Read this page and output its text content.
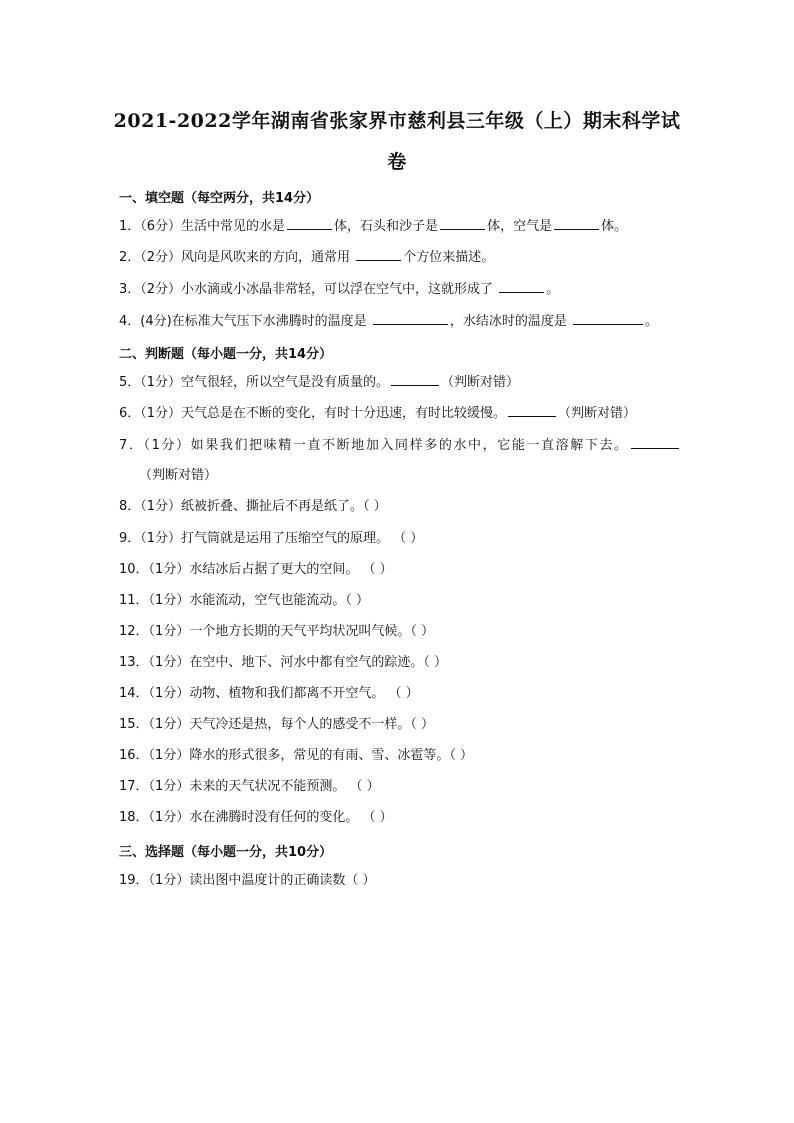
2021-2022学年湖南省张家界市慈利县三年级（上）期末科学试
卷
一、填空题（每空两分，共14分）
1．（6分）生活中常见的水是	体，石头和沙子是	体，空气是	体。
2．（2分）风向是风吹来的方向，通常用	个方位来描述。
3．（2分）小水滴或小冰晶非常轻，可以浮在空气中，这就形成了	。
4．(4分)在标准大气压下水沸腾时的温度是	，水结冰时的温度是	。
二、判断题（每小题一分，共14分）
5．（1分）空气很轻，所以空气是没有质量的。	（判断对错）
6．（1分）天气总是在不断的变化，有时十分迅速，有时比较缓慢。	（判断对错）
7．（1分）如果我们把味精一直不断地加入同样多的水中，它能一直溶解下去。
（判断对错）
8．（1分）纸被折叠、撕扯后不再是纸了。（ ）
9．（1分）打气筒就是运用了压缩空气的原理。 （ ）
10．（1分）水结冰后占据了更大的空间。 （ ）
11．（1分）水能流动，空气也能流动。（ ）
12．（1分）一个地方长期的天气平均状况叫气候。（ ）
13．（1分）在空中、地下、河水中都有空气的踪迹。（ ）
14．（1分）动物、植物和我们都离不开空气。 （ ）
15．（1分）天气冷还是热，每个人的感受不一样。（ ）
16．（1分）降水的形式很多，常见的有雨、雪、冰雹等。（ ）
17．（1分）未来的天气状况不能预测。 （ ）
18．（1分）水在沸腾时没有任何的变化。 （ ）
三、选择题（每小题一分，共10分）
19．（1分）读出图中温度计的正确读数（ ）
